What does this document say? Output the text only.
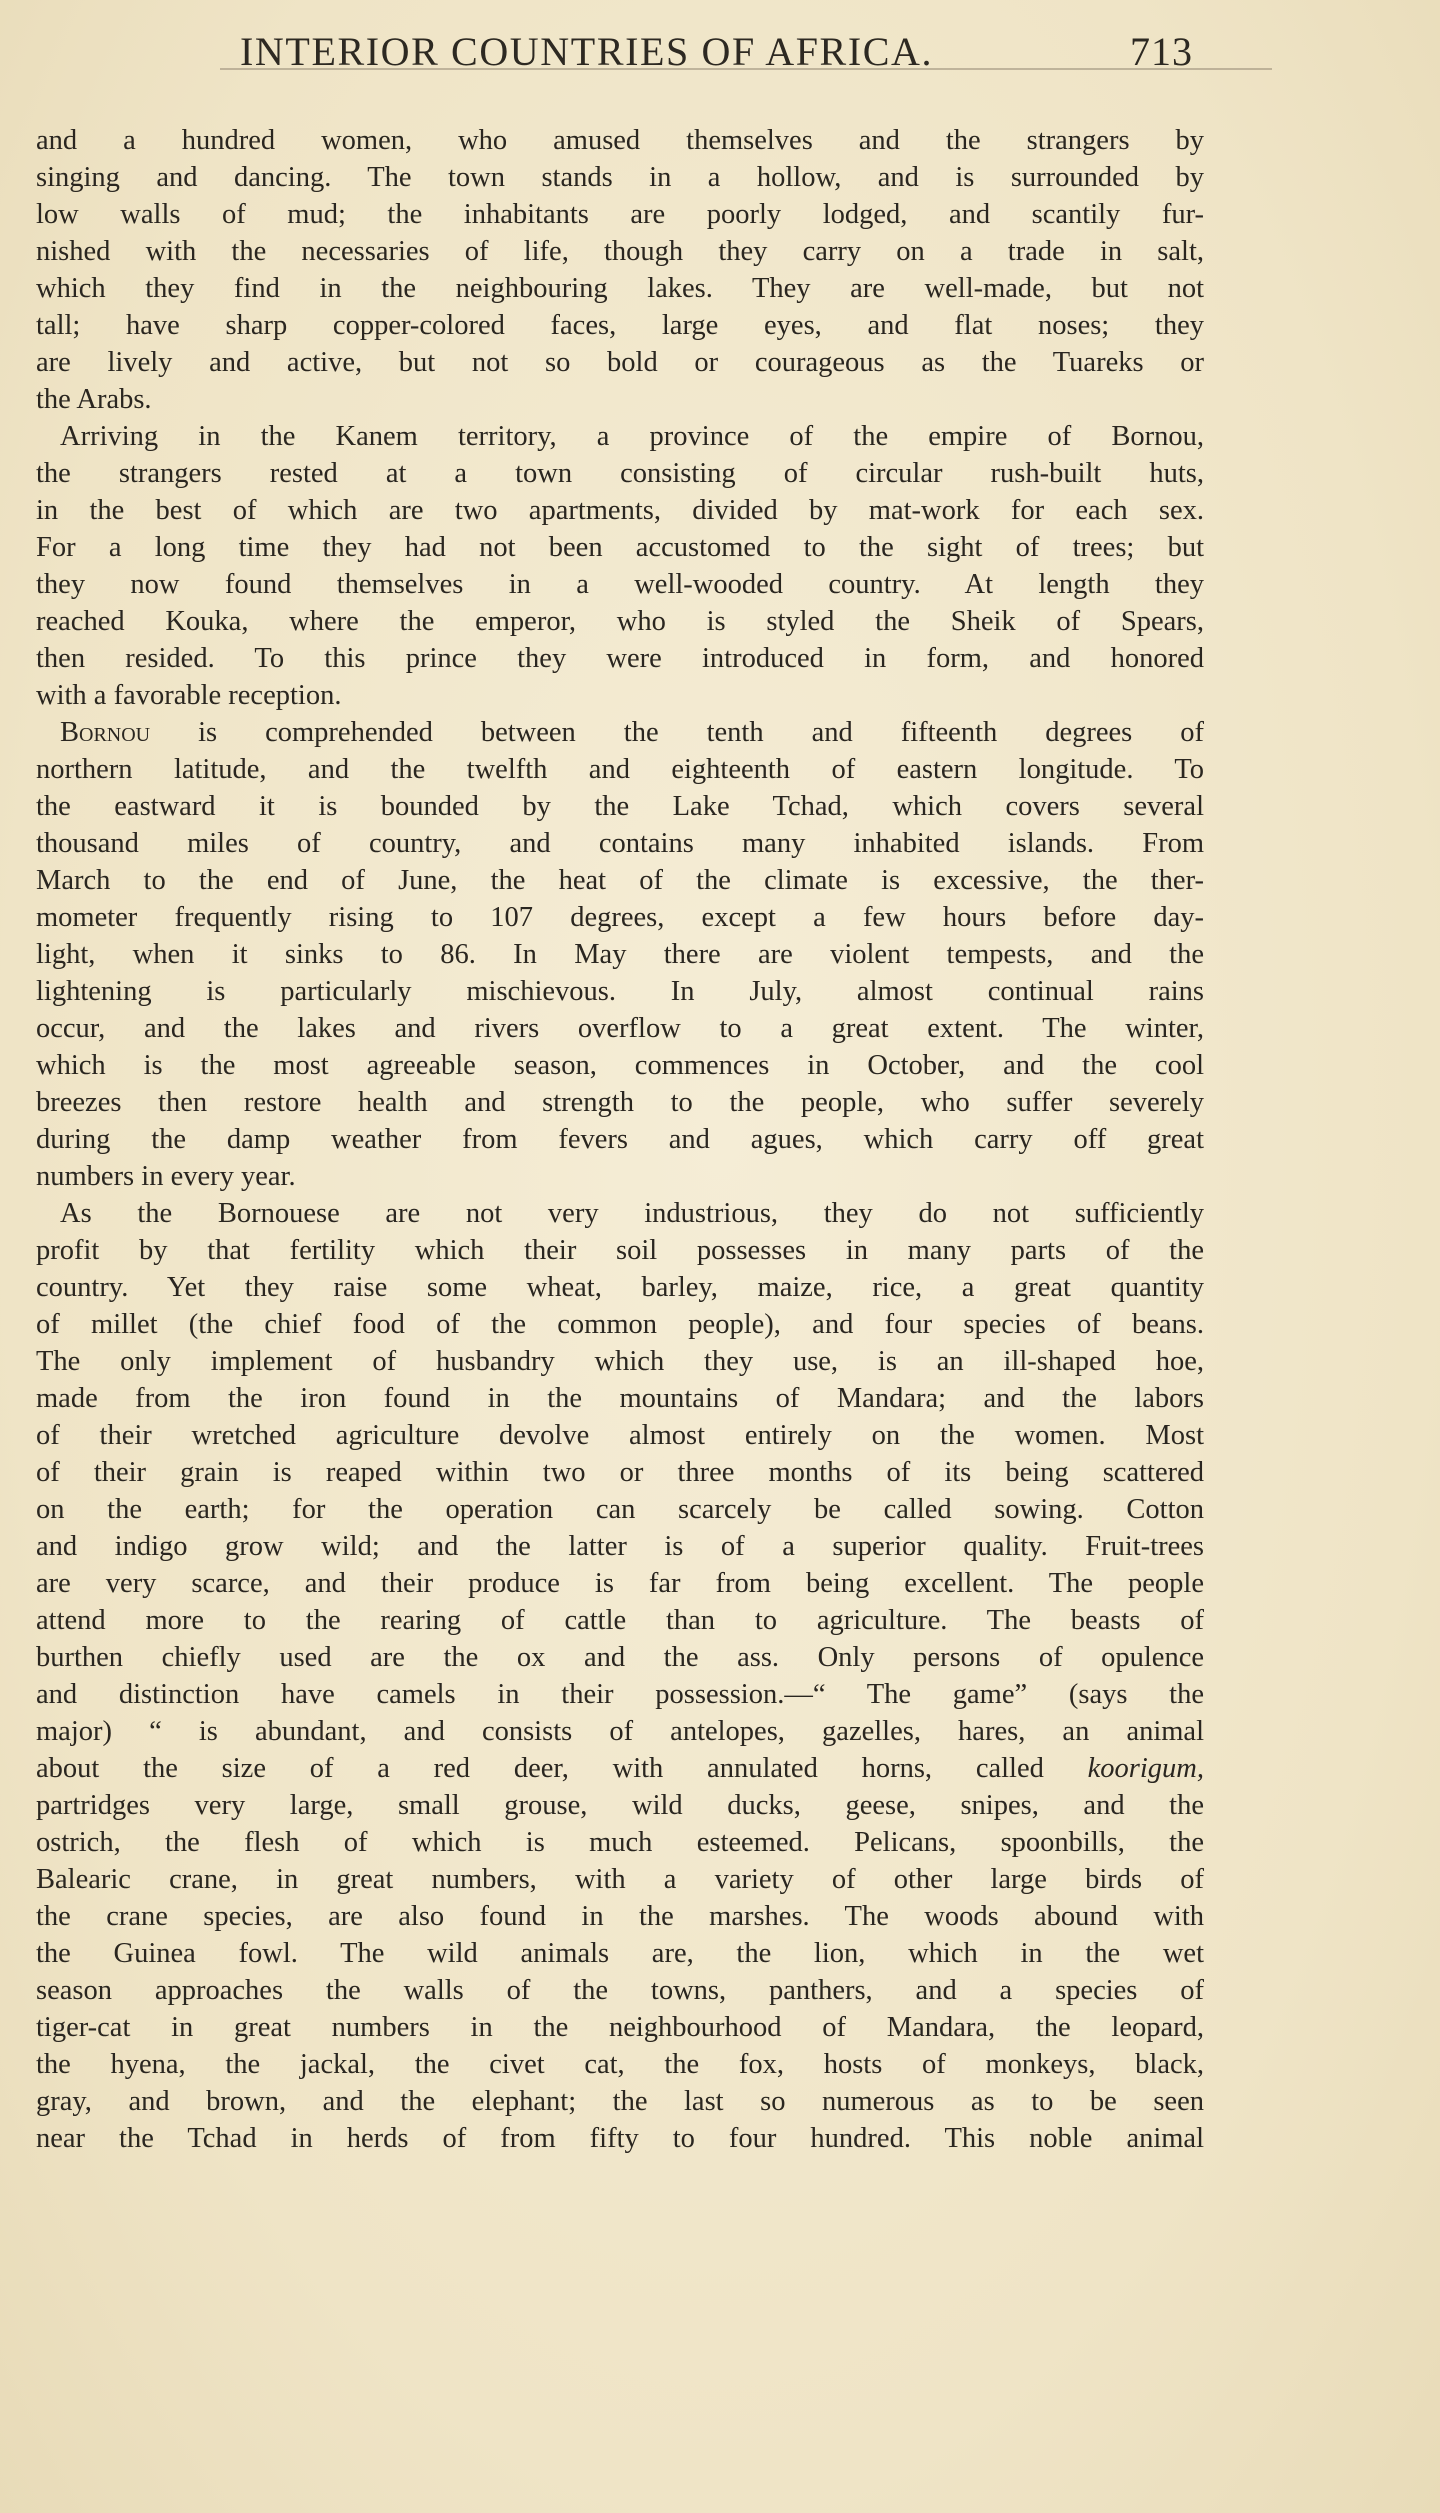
INTERIOR COUNTRIES OF AFRICA.	713
and a hundred women, who amused themselves and the strangers by
singing and dancing. The town stands in a hollow, and is surrounded by
low walls of mud; the inhabitants are poorly lodged, and scantily fur-
nished with the necessaries of life, though they carry on a trade in salt,
which they find in the neighbouring lakes. They are well-made, but not
tall; have sharp copper-colored faces, large eyes, and flat noses; they
are lively and active, but not so bold or courageous as the Tuareks or
the Arabs.
Arriving in the Kanem territory, a province of the empire of Bornou,
the strangers rested at a town consisting of circular rush-built huts,
in the best of which are two apartments, divided by mat-work for each sex.
For a long time they had not been accustomed to the sight of trees; but
they now found themselves in a well-wooded country. At length they
reached Kouka, where the emperor, who is styled the Sheik of Spears,
then resided. To this prince they were introduced in form, and honored
with a favorable reception.
Bornou is comprehended between the tenth and fifteenth degrees of
northern latitude, and the twelfth and eighteenth of eastern longitude. To
the eastward it is bounded by the Lake Tchad, which covers several
thousand miles of country, and contains many inhabited islands. From
March to the end of June, the heat of the climate is excessive, the ther-
mometer frequently rising to 107 degrees, except a few hours before day-
light, when it sinks to 86. In May there are violent tempests, and the
lightening is particularly mischievous. In July, almost continual rains
occur, and the lakes and rivers overflow to a great extent. The winter,
which is the most agreeable season, commences in October, and the cool
breezes then restore health and strength to the people, who suffer severely
during the damp weather from fevers and agues, which carry off great
numbers in every year.
As the Bornouese are not very industrious, they do not sufficiently
profit by that fertility which their soil possesses in many parts of the
country. Yet they raise some wheat, barley, maize, rice, a great quantity
of millet (the chief food of the common people), and four species of beans.
The only implement of husbandry which they use, is an ill-shaped hoe,
made from the iron found in the mountains of Mandara; and the labors
of their wretched agriculture devolve almost entirely on the women. Most
of their grain is reaped within two or three months of its being scattered
on the earth; for the operation can scarcely be called sowing. Cotton
and indigo grow wild; and the latter is of a superior quality. Fruit-trees
are very scarce, and their produce is far from being excellent. The people
attend more to the rearing of cattle than to agriculture. The beasts of
burthen chiefly used are the ox and the ass. Only persons of opulence
and distinction have camels in their possession.—“ The game” (says the
major) “ is abundant, and consists of antelopes, gazelles, hares, an animal
about the size of a red deer, with annulated horns, called koorigum,
partridges very large, small grouse, wild ducks, geese, snipes, and the
ostrich, the flesh of which is much esteemed. Pelicans, spoonbills, the
Balearic crane, in great numbers, with a variety of other large birds of
the crane species, are also found in the marshes. The woods abound with
the Guinea fowl. The wild animals are, the lion, which in the wet
season approaches the walls of the towns, panthers, and a species of
tiger-cat in great numbers in the neighbourhood of Mandara, the leopard,
the hyena, the jackal, the civet cat, the fox, hosts of monkeys, black,
gray, and brown, and the elephant; the last so numerous as to be seen
near the Tchad in herds of from fifty to four hundred. This noble animal
